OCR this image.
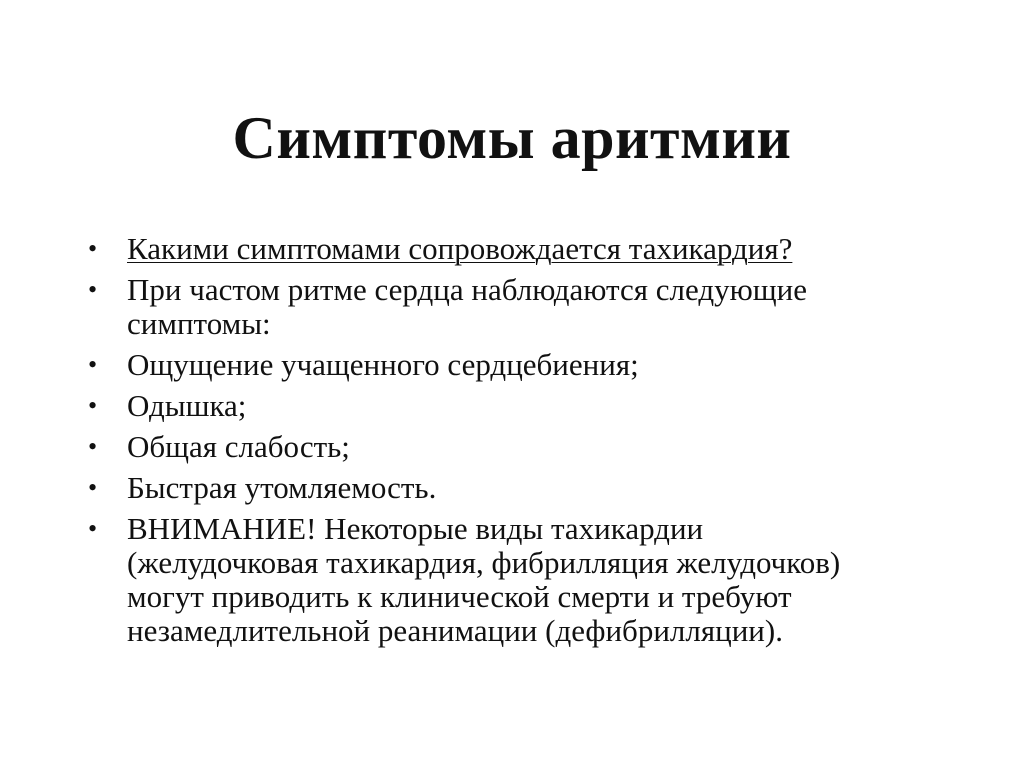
Симптомы аритмии
• Какими симптомами сопровождается тахикардия?
• При частом ритме сердца наблюдаются следующие
симптомы:
• Ощущение учащенного сердцебиения;
• Одышка;
• Общая слабость;
• Быстрая утомляемость.
• ВНИМАНИЕ! Некоторые виды тахикардии
(желудочковая тахикардия, фибрилляция желудочков)
могут приводить к клинической смерти и требуют
незамедлительной реанимации (дефибрилляции).
